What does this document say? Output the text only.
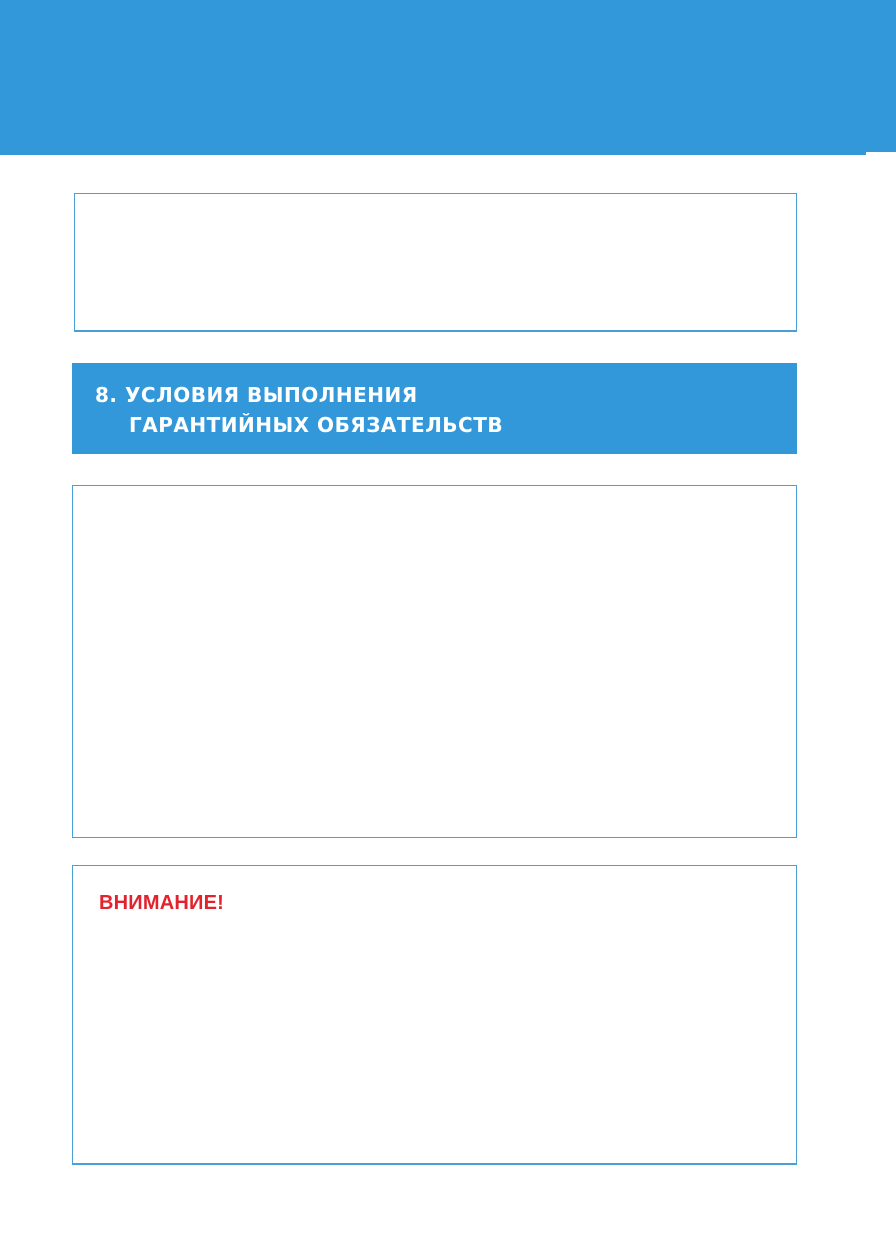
8. УСЛОВИЯ ВЫПОЛНЕНИЯ
ГАРАНТИЙНЫХ ОБЯЗАТЕЛЬСТВ
ВНИМАНИЕ!
